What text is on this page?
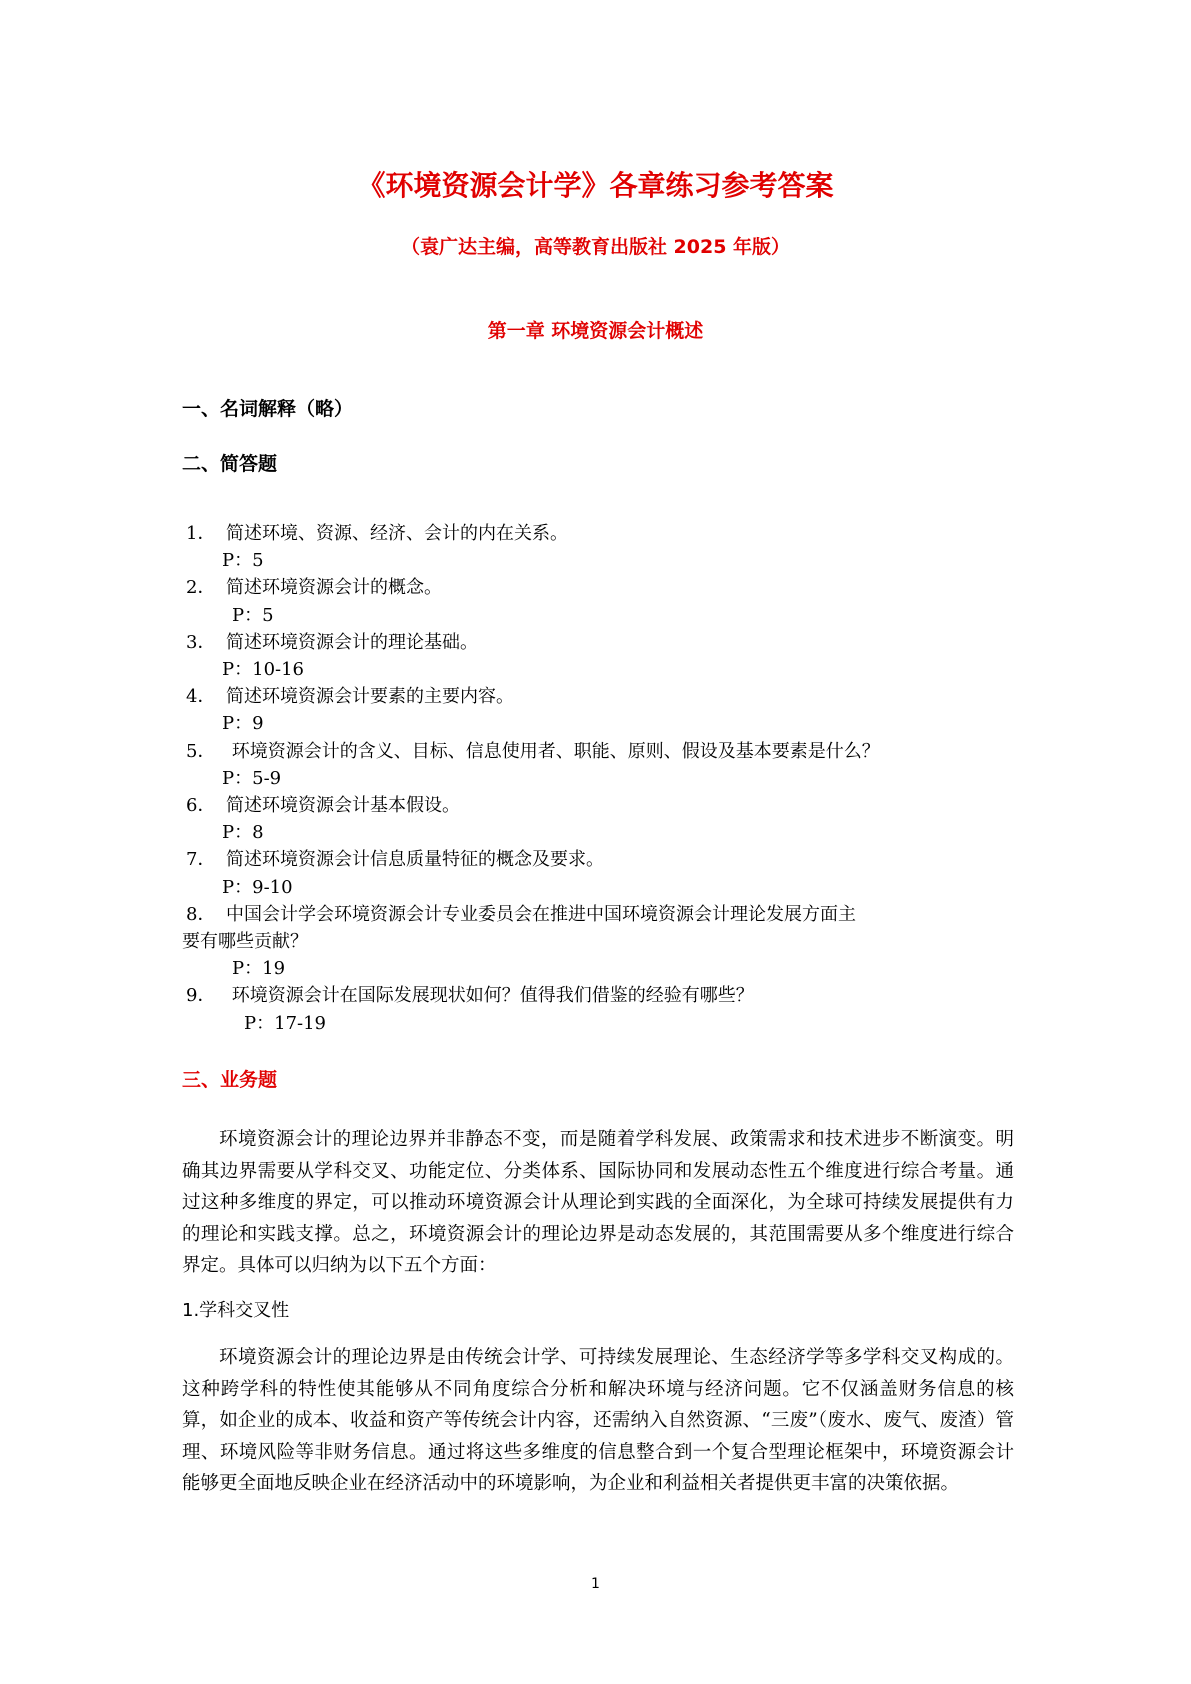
《环境资源会计学》各章练习参考答案
（袁广达主编，高等教育出版社 2025 年版）
第一章 环境资源会计概述
一、名词解释（略）
二、简答题
1． 简述环境、资源、经济、会计的内在关系。
P：5
2． 简述环境资源会计的概念。
P：5
3． 简述环境资源会计的理论基础。
P：10-16
4． 简述环境资源会计要素的主要内容。
P：9
5． 环境资源会计的含义、目标、信息使用者、职能、原则、假设及基本要素是什么？
P：5-9
6． 简述环境资源会计基本假设。
P：8
7． 简述环境资源会计信息质量特征的概念及要求。
P：9-10
8． 中国会计学会环境资源会计专业委员会在推进中国环境资源会计理论发展方面主
要有哪些贡献？
P：19
9． 环境资源会计在国际发展现状如何？值得我们借鉴的经验有哪些？
P：17-19
三、业务题
环境资源会计的理论边界并非静态不变，而是随着学科发展、政策需求和技术进步不断演变。明确其边界需要从学科交叉、功能定位、分类体系、国际协同和发展动态性五个维度进行综合考量。通过这种多维度的界定，可以推动环境资源会计从理论到实践的全面深化，为全球可持续发展提供有力的理论和实践支撑。总之，环境资源会计的理论边界是动态发展的，其范围需要从多个维度进行综合界定。具体可以归纳为以下五个方面：
1.学科交叉性
环境资源会计的理论边界是由传统会计学、可持续发展理论、生态经济学等多学科交叉构成的。这种跨学科的特性使其能够从不同角度综合分析和解决环境与经济问题。它不仅涵盖财务信息的核算，如企业的成本、收益和资产等传统会计内容，还需纳入自然资源、“三废”（废水、废气、废渣）管理、环境风险等非财务信息。通过将这些多维度的信息整合到一个复合型理论框架中，环境资源会计能够更全面地反映企业在经济活动中的环境影响，为企业和利益相关者提供更丰富的决策依据。
1
